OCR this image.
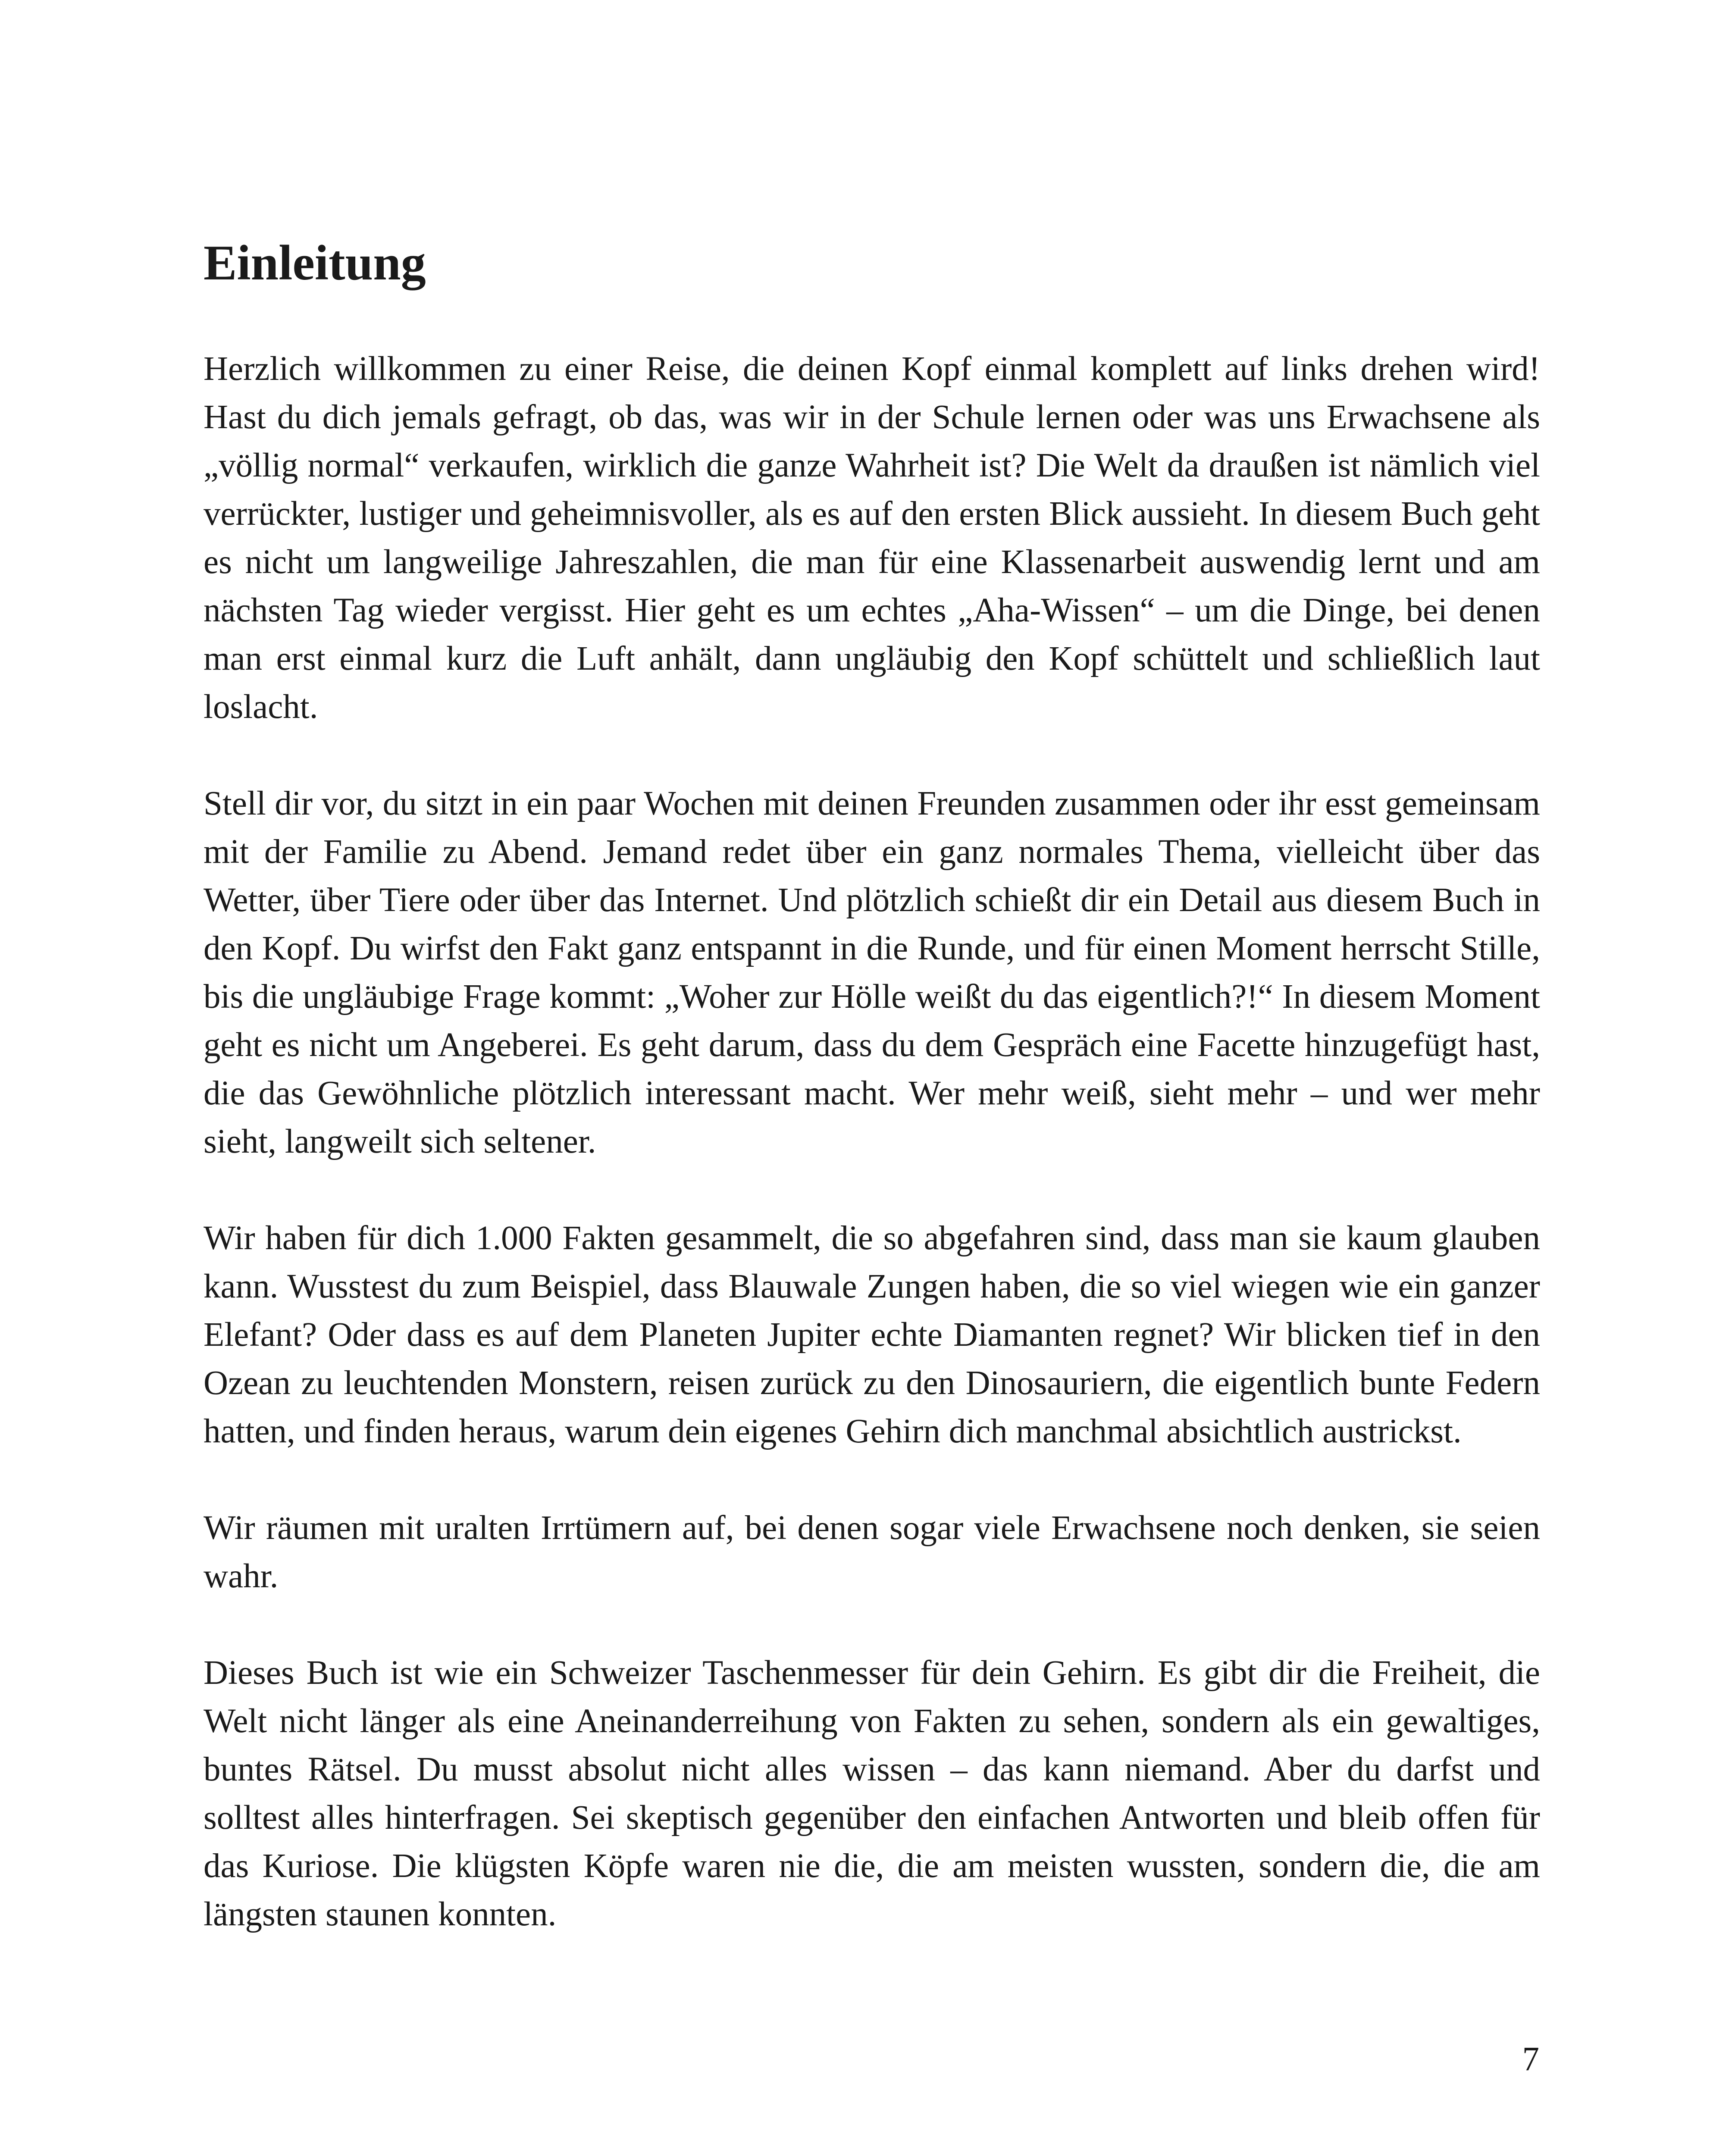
Einleitung

Herzlich willkommen zu einer Reise, die deinen Kopf einmal komplett auf links drehen wird! Hast du dich jemals gefragt, ob das, was wir in der Schule lernen oder was uns Erwachsene als „völlig normal“ verkaufen, wirklich die ganze Wahrheit ist? Die Welt da draußen ist nämlich viel verrückter, lustiger und geheimnisvoller, als es auf den ersten Blick aussieht. In diesem Buch geht es nicht um langweilige Jahreszahlen, die man für eine Klassenarbeit auswendig lernt und am nächsten Tag wieder vergisst. Hier geht es um echtes „Aha-Wissen“ – um die Dinge, bei denen man erst einmal kurz die Luft anhält, dann ungläubig den Kopf schüttelt und schließlich laut loslacht.

Stell dir vor, du sitzt in ein paar Wochen mit deinen Freunden zusammen oder ihr esst gemeinsam mit der Familie zu Abend. Jemand redet über ein ganz normales Thema, vielleicht über das Wetter, über Tiere oder über das Internet. Und plötzlich schießt dir ein Detail aus diesem Buch in den Kopf. Du wirfst den Fakt ganz entspannt in die Runde, und für einen Moment herrscht Stille, bis die ungläubige Frage kommt: „Woher zur Hölle weißt du das eigentlich?!“ In diesem Moment geht es nicht um Angeberei. Es geht darum, dass du dem Gespräch eine Facette hinzugefügt hast, die das Gewöhnliche plötzlich interessant macht. Wer mehr weiß, sieht mehr – und wer mehr sieht, langweilt sich seltener.

Wir haben für dich 1.000 Fakten gesammelt, die so abgefahren sind, dass man sie kaum glauben kann. Wusstest du zum Beispiel, dass Blauwale Zungen haben, die so viel wiegen wie ein ganzer Elefant? Oder dass es auf dem Planeten Jupiter echte Diamanten regnet? Wir blicken tief in den Ozean zu leuchtenden Monstern, reisen zurück zu den Dinosauriern, die eigentlich bunte Federn hatten, und finden heraus, warum dein eigenes Gehirn dich manchmal absichtlich austrickst.

Wir räumen mit uralten Irrtümern auf, bei denen sogar viele Erwachsene noch denken, sie seien wahr.

Dieses Buch ist wie ein Schweizer Taschenmesser für dein Gehirn. Es gibt dir die Freiheit, die Welt nicht länger als eine Aneinanderreihung von Fakten zu sehen, sondern als ein gewaltiges, buntes Rätsel. Du musst absolut nicht alles wissen – das kann niemand. Aber du darfst und solltest alles hinterfragen. Sei skeptisch gegenüber den einfachen Antworten und bleib offen für das Kuriose. Die klügsten Köpfe waren nie die, die am meisten wussten, sondern die, die am längsten staunen konnten.

7
